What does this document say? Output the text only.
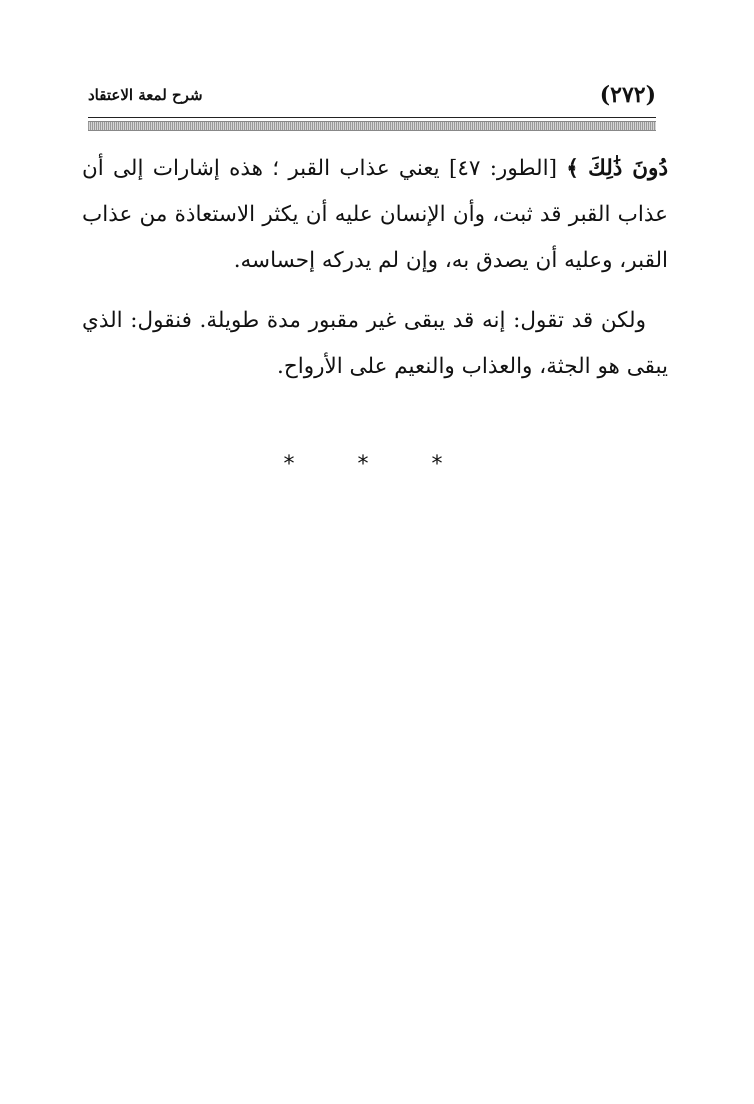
(٢٧٢)
شرح لمعة الاعتقاد

دُونَ ذَٰلِكَ ﴾ [الطور: ٤٧] يعني عذاب القبر ؛ هذه إشارات إلى أن عذاب القبر قد ثبت، وأن الإنسان عليه أن يكثر الاستعاذة من عذاب القبر، وعليه أن يصدق به، وإن لم يدركه إحساسه.

ولكن قد تقول: إنه قد يبقى غير مقبور مدة طويلة. فنقول: الذي يبقى هو الجثة، والعذاب والنعيم على الأرواح.

* * *
